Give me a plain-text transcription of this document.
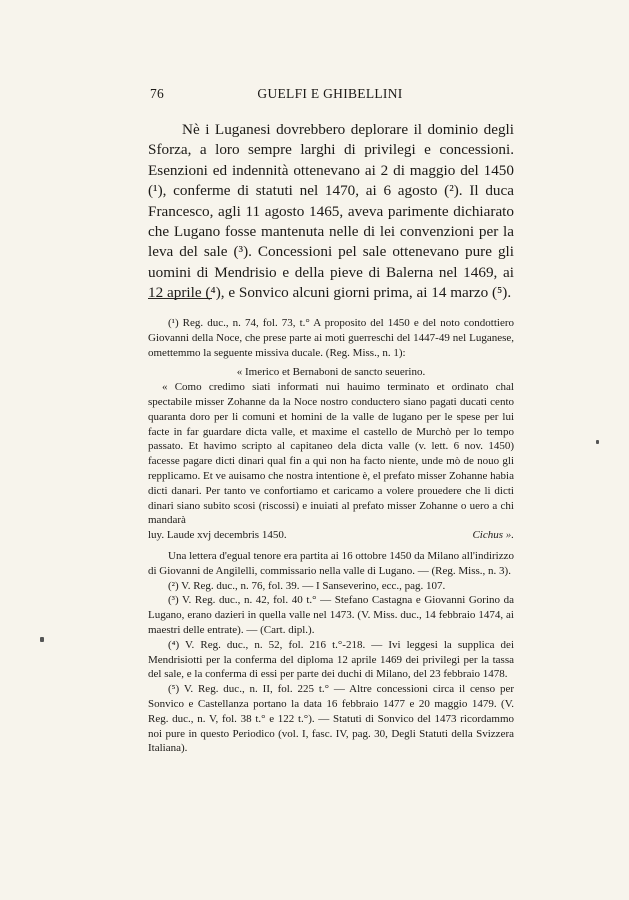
76	GUELFI E GHIBELLINI

Nè i Luganesi dovrebbero deplorare il dominio degli Sforza, a loro sempre larghi di privilegi e concessioni. Esenzioni ed indennità ottenevano ai 2 di maggio del 1450 (¹), conferme di statuti nel 1470, ai 6 agosto (²). Il duca Francesco, agli 11 agosto 1465, aveva parimente dichiarato che Lugano fosse mantenuta nelle di lei convenzioni per la leva del sale (³). Concessioni pel sale ottenevano pure gli uomini di Mendrisio e della pieve di Balerna nel 1469, ai 12 aprile (⁴), e Sonvico alcuni giorni prima, ai 14 marzo (⁵).

(¹) Reg. duc., n. 74, fol. 73, t.° A proposito del 1450 e del noto condottiero Giovanni della Noce, che prese parte ai moti guerreschi del 1447-49 nel Luganese, omettemmo la seguente missiva ducale. (Reg. Miss., n. 1):

« Imerico et Bernaboni de sancto seuerino.

« Como credimo siati informati nui hauimo terminato et ordinato chal spectabile misser Zohanne da la Noce nostro conductero siano pagati ducati cento quaranta doro per li comuni et homini de la valle de lugano per le spese per lui facte in far guardare dicta valle, et maxime el castello de Murchò per lo tempo passato. Et havimo scripto al capitaneo dela dicta valle (v. lett. 6 nov. 1450) facesse pagare dicti dinari qual fin a qui non ha facto niente, unde mò de nouo gli repplicamo. Et ve auisamo che nostra intentione è, el prefato misser Zohanne habia dicti danari. Per tanto ve confortiamo et caricamo a volere prouedere che li dicti dinari siano subito scosi (riscossi) e inuiati al prefato misser Zohanne o uero a chi mandarà

luy. Laude xvj decembris 1450.	Cichus ».

Una lettera d'egual tenore era partita ai 16 ottobre 1450 da Milano all'indirizzo di Giovanni de Angilelli, commissario nella valle di Lugano. — (Reg. Miss., n. 3).

(²) V. Reg. duc., n. 76, fol. 39. — I Sanseverino, ecc., pag. 107.

(³) V. Reg. duc., n. 42, fol. 40 t.° — Stefano Castagna e Giovanni Gorino da Lugano, erano dazieri in quella valle nel 1473. (V. Miss. duc., 14 febbraio 1474, ai maestri delle entrate). — (Cart. dipl.).

(⁴) V. Reg. duc., n. 52, fol. 216 t.°-218. — Ivi leggesi la supplica dei Mendrisiotti per la conferma del diploma 12 aprile 1469 dei privilegi per la tassa del sale, e la conferma di essi per parte dei duchi di Milano, del 23 febbraio 1478.

(⁵) V. Reg. duc., n. II, fol. 225 t.° — Altre concessioni circa il censo per Sonvico e Castellanza portano la data 16 febbraio 1477 e 20 maggio 1479. (V. Reg. duc., n. V, fol. 38 t.° e 122 t.°). — Statuti di Sonvico del 1473 ricordammo noi pure in questo Periodico (vol. I, fasc. IV, pag. 30, Degli Statuti della Svizzera Italiana).
